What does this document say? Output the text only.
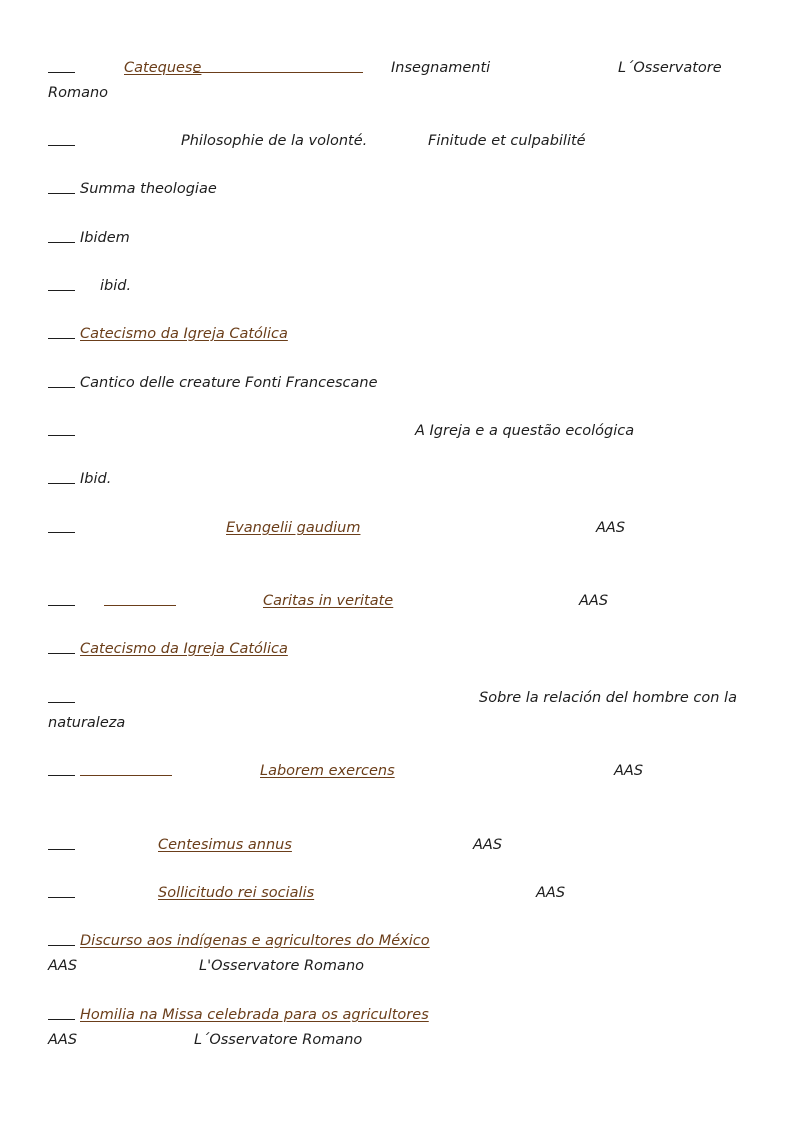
Catequese	Insegnamenti	L´Osservatore
Romano
Philosophie de la volonté.	Finitude et culpabilité
Summa theologiae
Ibidem
ibid.
Catecismo da Igreja Católica
Cantico delle creature Fonti Francescane
A Igreja e a questão ecológica
Ibid.
Evangelii gaudium	AAS
Caritas in veritate	AAS
Catecismo da Igreja Católica
Sobre la relación del hombre con la
naturaleza
Laborem exercens	AAS
Centesimus annus	AAS
Sollicitudo rei socialis	AAS
Discurso aos indígenas e agricultores do México
AAS	L'Osservatore Romano
Homilia na Missa celebrada para os agricultores
AAS	L´Osservatore Romano
